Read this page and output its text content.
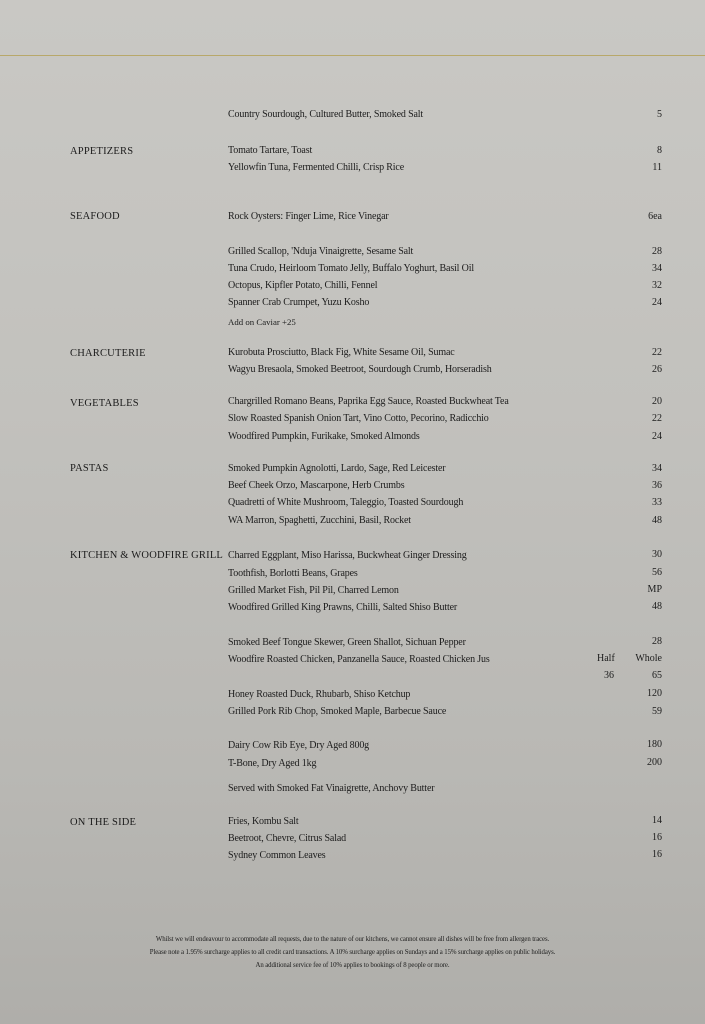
Country Sourdough, Cultured Butter, Smoked Salt	5
APPETIZERS	Tomato Tartare, Toast	8
Yellowfin Tuna, Fermented Chilli, Crisp Rice	11
SEAFOOD	Rock Oysters: Finger Lime, Rice Vinegar	6ea
Grilled Scallop, 'Nduja Vinaigrette, Sesame Salt	28
Tuna Crudo, Heirloom Tomato Jelly, Buffalo Yoghurt, Basil Oil	34
Octopus, Kipfler Potato, Chilli, Fennel	32
Spanner Crab Crumpet, Yuzu Kosho	24
Add on Caviar +25
CHARCUTERIE	Kurobuta Prosciutto, Black Fig, White Sesame Oil, Sumac	22
Wagyu Bresaola, Smoked Beetroot, Sourdough Crumb, Horseradish	26
VEGETABLES	Chargrilled Romano Beans, Paprika Egg Sauce, Roasted Buckwheat Tea	20
Slow Roasted Spanish Onion Tart, Vino Cotto, Pecorino, Radicchio	22
Woodfired Pumpkin, Furikake, Smoked Almonds	24
PASTAS	Smoked Pumpkin Agnolotti, Lardo, Sage, Red Leicester	34
Beef Cheek Orzo, Mascarpone, Herb Crumbs	36
Quadretti of White Mushroom, Taleggio, Toasted Sourdough	33
WA Marron, Spaghetti, Zucchini, Basil, Rocket	48
KITCHEN & WOODFIRE GRILL Charred Eggplant, Miso Harissa, Buckwheat Ginger Dressing	30
Toothfish, Borlotti Beans, Grapes	56
Grilled Market Fish, Pil Pil, Charred Lemon	MP
Woodfired Grilled King Prawns, Chilli, Salted Shiso Butter	48
Smoked Beef Tongue Skewer, Green Shallot, Sichuan Pepper	28
Woodfire Roasted Chicken, Panzanella Sauce, Roasted Chicken Jus	Half Whole
36	65
Honey Roasted Duck, Rhubarb, Shiso Ketchup	120
Grilled Pork Rib Chop, Smoked Maple, Barbecue Sauce	59
Dairy Cow Rib Eye, Dry Aged 800g	180
T-Bone, Dry Aged 1kg	200
Served with Smoked Fat Vinaigrette, Anchovy Butter
ON THE SIDE	Fries, Kombu Salt	14
Beetroot, Chevre, Citrus Salad	16
Sydney Common Leaves	16
Whilst we will endeavour to accommodate all requests, due to the nature of our kitchens, we cannot ensure all dishes will be free from allergen traces.
Please note a 1.95% surcharge applies to all credit card transactions. A 10% surcharge applies on Sundays and a 15% surcharge applies on public holidays.
An additional service fee of 10% applies to bookings of 8 people or more.
